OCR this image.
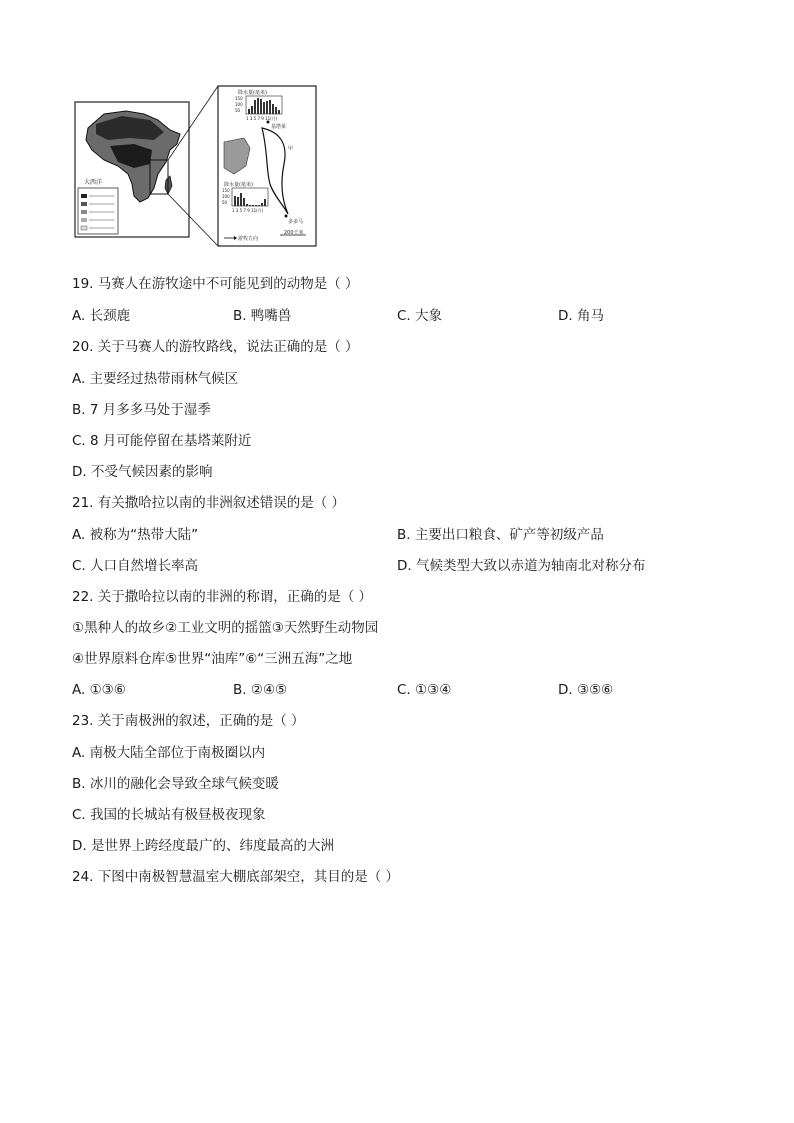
大西洋
降水量(毫米)
150
100
50
1 3 5 7 9 11(月)
基塔莱
甲
降水量(毫米)
150
100
50
1 3 5 7 9 11(月)
多多马
游牧方向
200千米
19. 马赛人在游牧途中不可能见到的动物是（ ）
A. 长颈鹿	B. 鸭嘴兽	C. 大象	D. 角马
20. 关于马赛人的游牧路线，说法正确的是（ ）
A. 主要经过热带雨林气候区
B. 7 月多多马处于湿季
C. 8 月可能停留在基塔莱附近
D. 不受气候因素的影响
21. 有关撒哈拉以南的非洲叙述错误的是（ ）
A. 被称为“热带大陆”	B. 主要出口粮食、矿产等初级产品
C. 人口自然增长率高	D. 气候类型大致以赤道为轴南北对称分布
22. 关于撒哈拉以南的非洲的称谓，正确的是（ ）
①黑种人的故乡②工业文明的摇篮③天然野生动物园
④世界原料仓库⑤世界“油库”⑥“三洲五海”之地
A. ①③⑥	B. ②④⑤	C. ①③④	D. ③⑤⑥
23. 关于南极洲的叙述，正确的是（ ）
A. 南极大陆全部位于南极圈以内
B. 冰川的融化会导致全球气候变暖
C. 我国的长城站有极昼极夜现象
D. 是世界上跨经度最广的、纬度最高的大洲
24. 下图中南极智慧温室大棚底部架空，其目的是（ ）
